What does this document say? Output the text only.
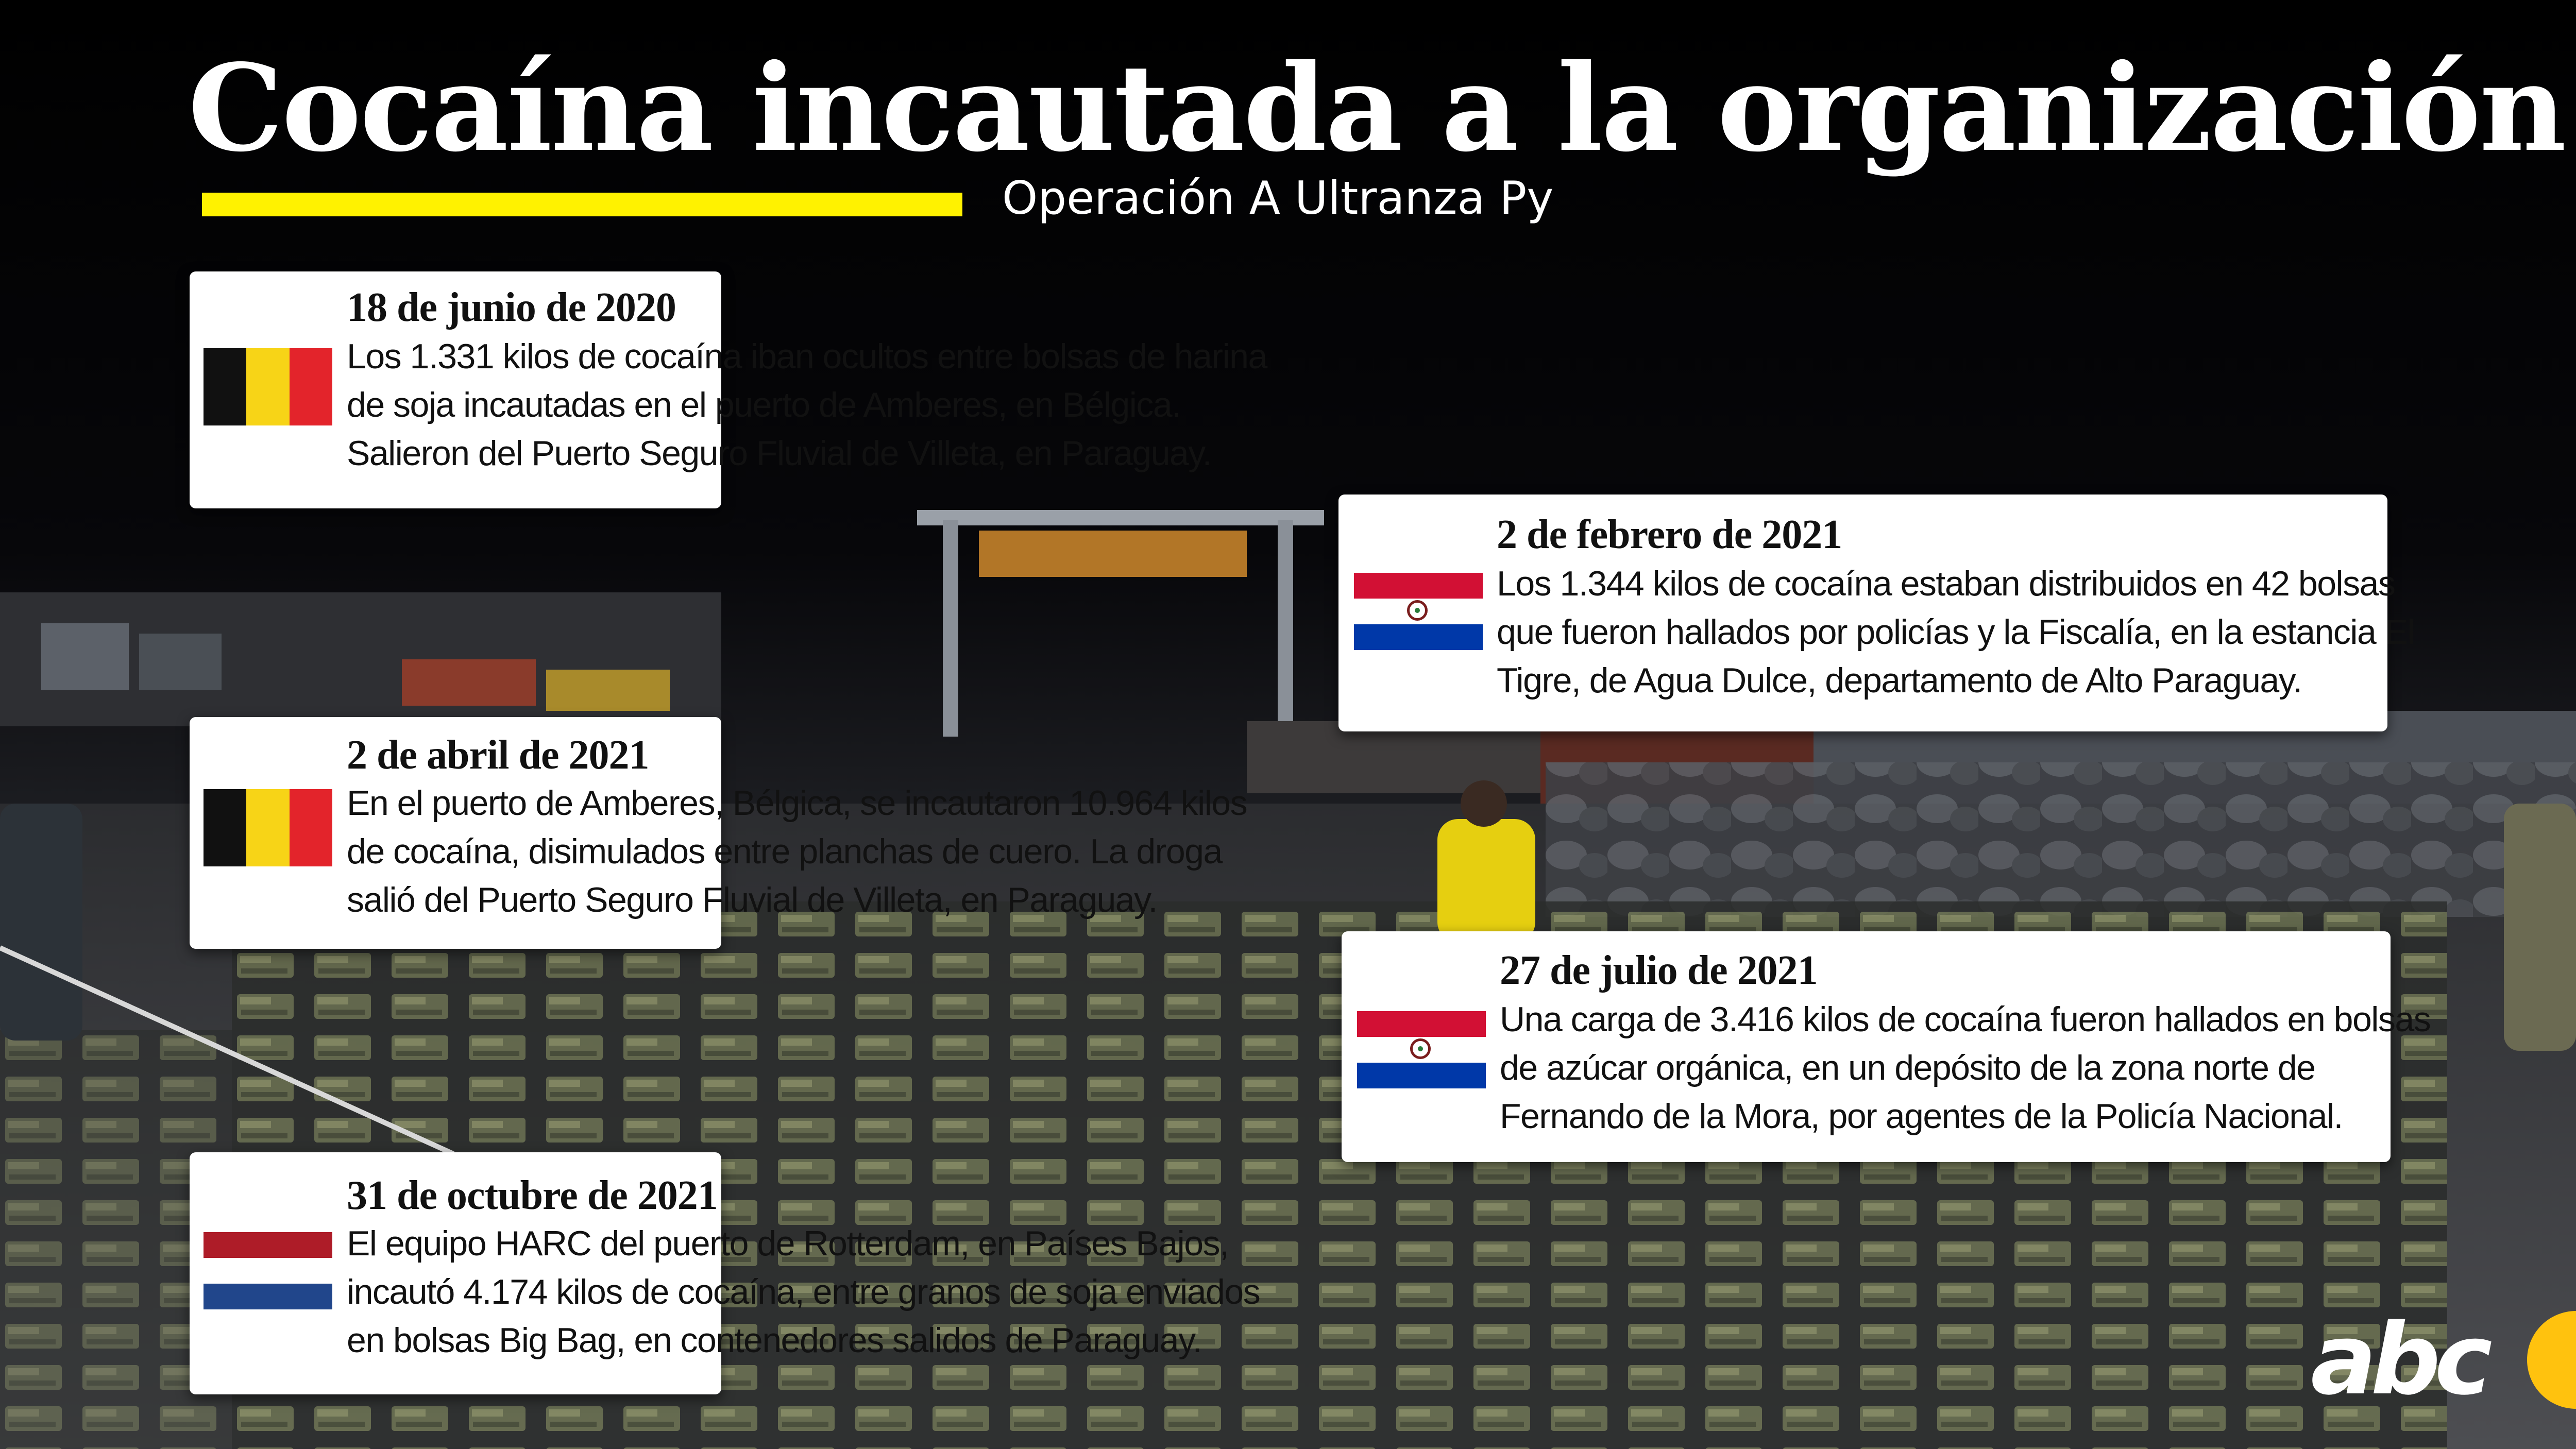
Cocaína incautada a la organización
Operación A Ultranza Py
18 de junio de 2020
Los 1.331 kilos de cocaína iban ocultos entre bolsas de harina
de soja incautadas en el puerto de Amberes, en Bélgica.
Salieron del Puerto Seguro Fluvial de Villeta, en Paraguay.
2 de febrero de 2021
Los 1.344 kilos de cocaína estaban distribuidos en 42 bolsas
que fueron hallados por policías y la Fiscalía, en la estancia El
Tigre, de Agua Dulce, departamento de Alto Paraguay.
2 de abril de 2021
En el puerto de Amberes, Bélgica, se incautaron 10.964 kilos
de cocaína, disimulados entre planchas de cuero. La droga
salió del Puerto Seguro Fluvial de Villeta, en Paraguay.
27 de julio de 2021
Una carga de 3.416 kilos de cocaína fueron hallados en bolsas
de azúcar orgánica, en un depósito de la zona norte de
Fernando de la Mora, por agentes de la Policía Nacional.
31 de octubre de 2021
El equipo HARC del puerto de Rotterdam, en Países Bajos,
incautó 4.174 kilos de cocaína, entre granos de soja enviados
en bolsas Big Bag, en contenedores salidos de Paraguay.	abc
